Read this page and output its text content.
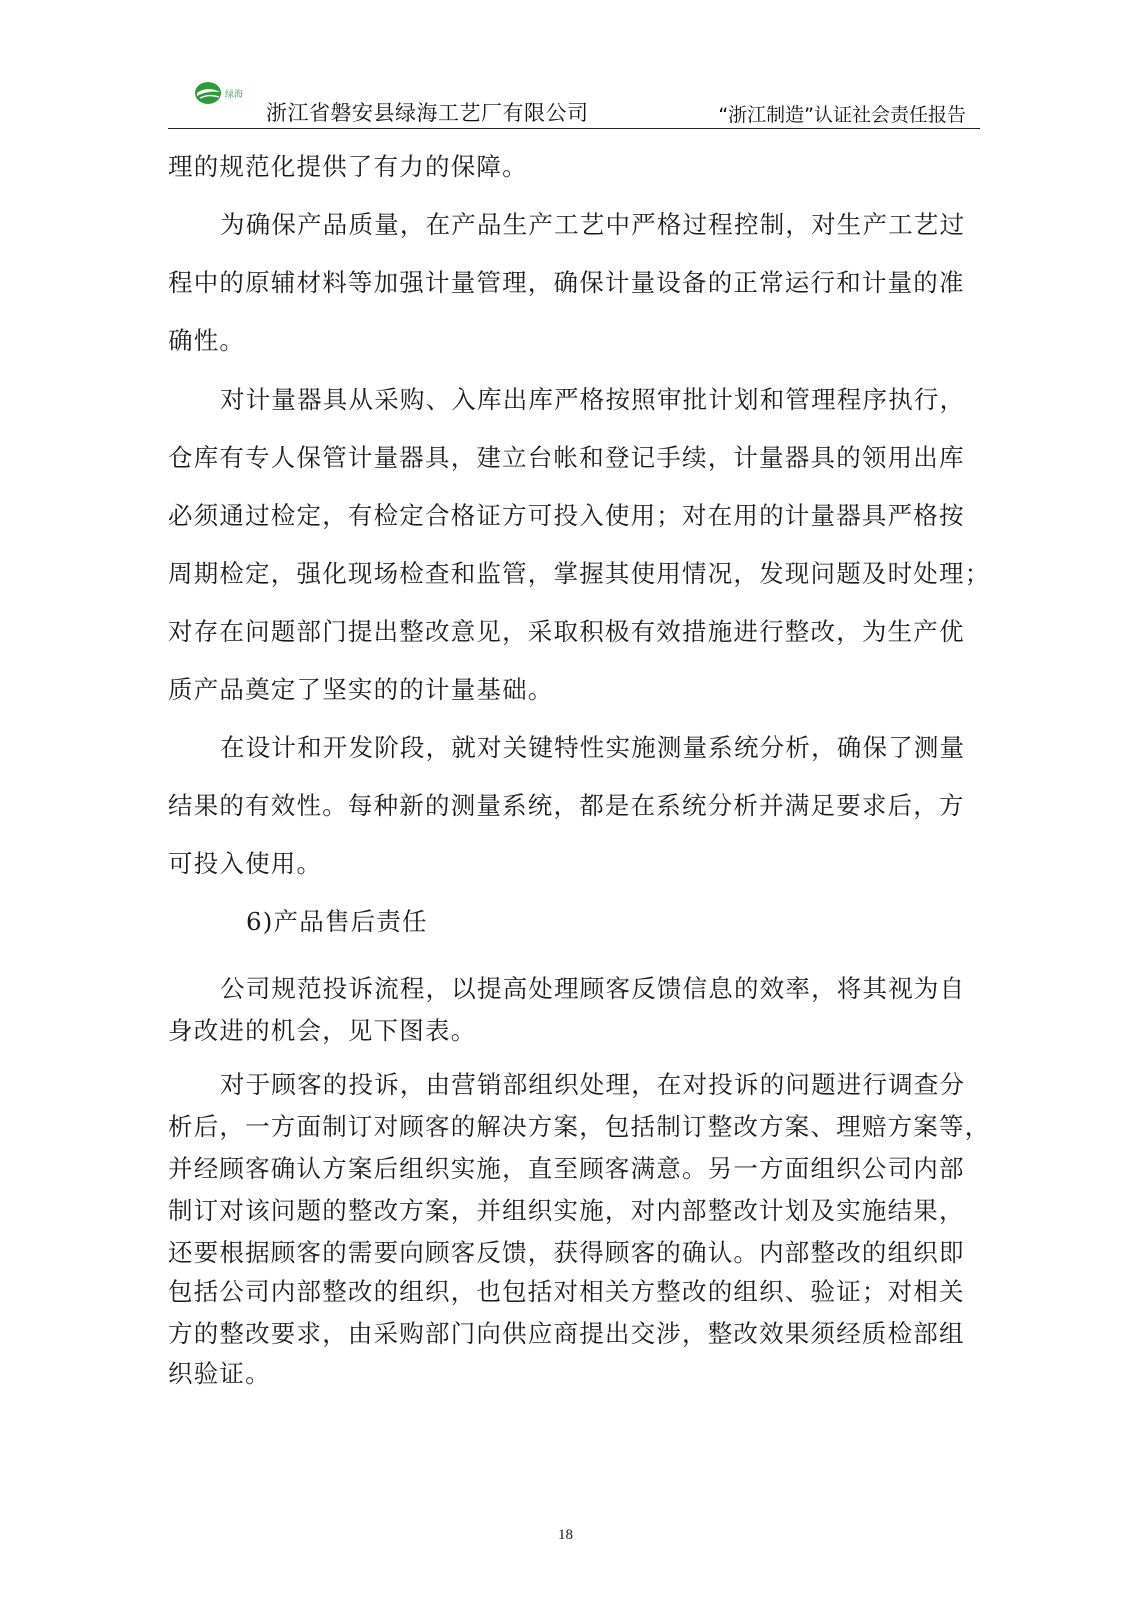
绿海
浙江省磐安县绿海工艺厂有限公司	“浙江制造”认证社会责任报告
理的规范化提供了有力的保障。
为确保产品质量，在产品生产工艺中严格过程控制，对生产工艺过
程中的原辅材料等加强计量管理，确保计量设备的正常运行和计量的准
确性。
对计量器具从采购、入库出库严格按照审批计划和管理程序执行，
仓库有专人保管计量器具，建立台帐和登记手续，计量器具的领用出库
必须通过检定，有检定合格证方可投入使用；对在用的计量器具严格按
周期检定，强化现场检查和监管，掌握其使用情况，发现问题及时处理；
对存在问题部门提出整改意见，采取积极有效措施进行整改，为生产优
质产品奠定了坚实的的计量基础。
在设计和开发阶段，就对关键特性实施测量系统分析，确保了测量
结果的有效性。每种新的测量系统，都是在系统分析并满足要求后，方
可投入使用。
6)产品售后责任
公司规范投诉流程，以提高处理顾客反馈信息的效率，将其视为自
身改进的机会，见下图表。
对于顾客的投诉，由营销部组织处理，在对投诉的问题进行调查分
析后，一方面制订对顾客的解决方案，包括制订整改方案、理赔方案等，
并经顾客确认方案后组织实施，直至顾客满意。另一方面组织公司内部
制订对该问题的整改方案，并组织实施，对内部整改计划及实施结果，
还要根据顾客的需要向顾客反馈，获得顾客的确认。内部整改的组织即
包括公司内部整改的组织，也包括对相关方整改的组织、验证；对相关
方的整改要求，由采购部门向供应商提出交涉，整改效果须经质检部组
织验证。
18
